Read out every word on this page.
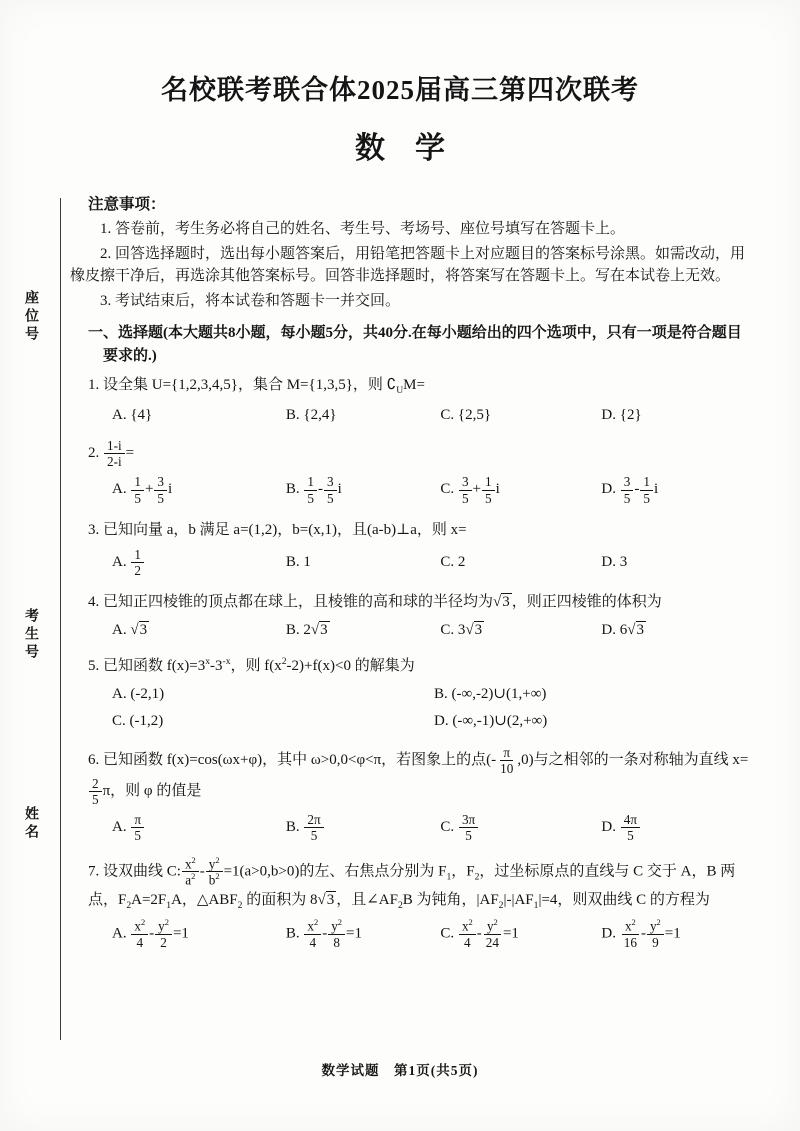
座位号
考生号
姓名
名校联考联合体2025届高三第四次联考
数　学
注意事项：

1. 答卷前，考生务必将自己的姓名、考生号、考场号、座位号填写在答题卡上。

2. 回答选择题时，选出每小题答案后，用铅笔把答题卡上对应题目的答案标号涂黑。如需改动，用橡皮擦干净后，再选涂其他答案标号。回答非选择题时，将答案写在答题卡上。写在本试卷上无效。

3. 考试结束后，将本试卷和答题卡一并交回。

一、选择题(本大题共8小题，每小题5分，共40分.在每小题给出的四个选项中，只有一项是符合题目要求的.)

1. 设全集 U={1,2,3,4,5}，集合 M={1,3,5}，则 $∁_UM=$

A. {4}	B. {2,4}	C. {2,5}	D. {2}

2. $\frac{1-i}{2-i}$ =

A. $\frac{1}{5} + \frac{3}{5}$ i	B. $\frac{1}{5} - \frac{3}{5}$ i	C. $\frac{3}{5} + \frac{1}{5}$ i	D. $\frac{3}{5} - \frac{1}{5}$ i

3. 已知向量 a，b 满足 a=(1,2)，b=(x,1)，且(a-b)⊥a，则 x=

A. $\frac{1}{2}$	B. 1	C. 2	D. 3

4. 已知正四棱锥的顶点都在球上，且棱锥的高和球的半径均为√3 ，则正四棱锥的体积为

A. √3	B. 2√3	C. 3√3	D. 6√3

5. 已知函数 $f(x)=3^x-3^{-x}$，则 $f(x^2-2)+f(x)<0$ 的解集为

A. (-2,1)	B. (-∞,-2)∪(1,+∞)
C. (-1,2)	D. (-∞,-1)∪(2,+∞)

6. 已知函数 f(x)=cos(ωx+φ)，其中 ω>0,0<φ<π，若图象上的点(- $\frac{\pi}{10} ,0$)与之相邻的一条对称轴为直线 x=
$\frac{2}{5}$ π，则 φ 的值是

A. $\frac{\pi}{5}$	B. $\frac{2\pi}{5}$	C. $\frac{3\pi}{5}$	D. $\frac{4\pi}{5}$

7. 设双曲线 C: $\frac{x^2}{a^2} - \frac{y^2}{b^2} =1(a>0,b>0)$的左、右焦点分别为 $F_1$，$F_2$，过坐标原点的直线与 C 交于 A，B 两点，$F_2A=2F_1A$，$\triangle ABF_2$ 的面积为 8√3 ，且$\angle AF_2B$ 为钝角，$|AF_2|-|AF_1|=4$，则双曲线 C 的方程为

A. $\frac{x^2}{4} - \frac{y^2}{2} =1$	B. $\frac{x^2}{4} - \frac{y^2}{8} =1$	C. $\frac{x^2}{4} - \frac{y^2}{24} =1$	D. $\frac{x^2}{16} - \frac{y^2}{9} =1$
数学试题　第1页(共5页)
